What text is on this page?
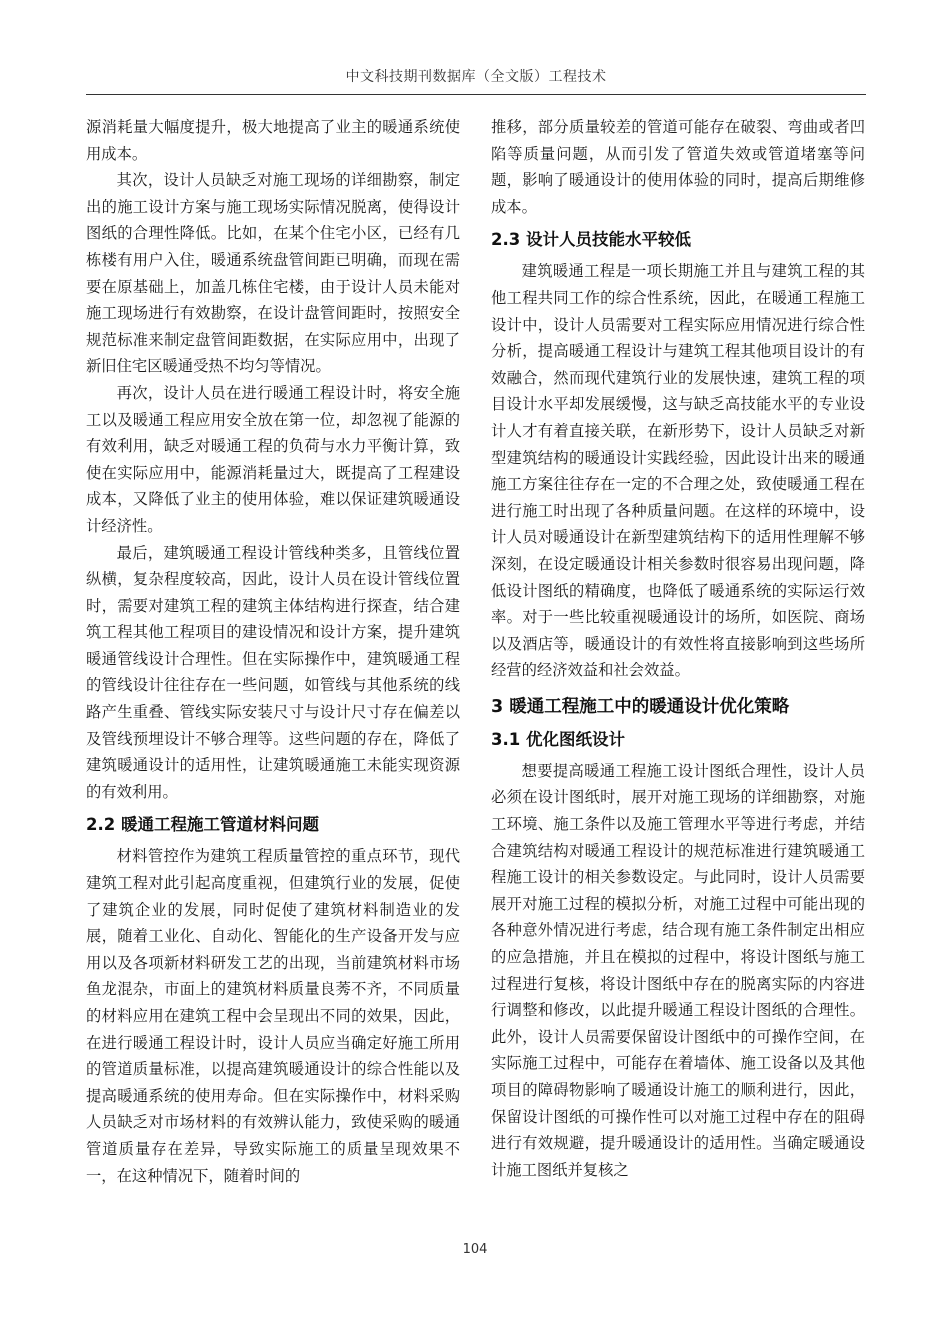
中文科技期刊数据库（全文版）工程技术

源消耗量大幅度提升，极大地提高了业主的暖通系统使用成本。

其次，设计人员缺乏对施工现场的详细勘察，制定出的施工设计方案与施工现场实际情况脱离，使得设计图纸的合理性降低。比如，在某个住宅小区，已经有几栋楼有用户入住，暖通系统盘管间距已明确，而现在需要在原基础上，加盖几栋住宅楼，由于设计人员未能对施工现场进行有效勘察，在设计盘管间距时，按照安全规范标准来制定盘管间距数据，在实际应用中，出现了新旧住宅区暖通受热不均匀等情况。

再次，设计人员在进行暖通工程设计时，将安全施工以及暖通工程应用安全放在第一位，却忽视了能源的有效利用，缺乏对暖通工程的负荷与水力平衡计算，致使在实际应用中，能源消耗量过大，既提高了工程建设成本，又降低了业主的使用体验，难以保证建筑暖通设计经济性。

最后，建筑暖通工程设计管线种类多，且管线位置纵横，复杂程度较高，因此，设计人员在设计管线位置时，需要对建筑工程的建筑主体结构进行探查，结合建筑工程其他工程项目的建设情况和设计方案，提升建筑暖通管线设计合理性。但在实际操作中，建筑暖通工程的管线设计往往存在一些问题，如管线与其他系统的线路产生重叠、管线实际安装尺寸与设计尺寸存在偏差以及管线预埋设计不够合理等。这些问题的存在，降低了建筑暖通设计的适用性，让建筑暖通施工未能实现资源的有效利用。

2.2 暖通工程施工管道材料问题

材料管控作为建筑工程质量管控的重点环节，现代建筑工程对此引起高度重视，但建筑行业的发展，促使了建筑企业的发展，同时促使了建筑材料制造业的发展，随着工业化、自动化、智能化的生产设备开发与应用以及各项新材料研发工艺的出现，当前建筑材料市场鱼龙混杂，市面上的建筑材料质量良莠不齐，不同质量的材料应用在建筑工程中会呈现出不同的效果，因此，在进行暖通工程设计时，设计人员应当确定好施工所用的管道质量标准，以提高建筑暖通设计的综合性能以及提高暖通系统的使用寿命。但在实际操作中，材料采购人员缺乏对市场材料的有效辨认能力，致使采购的暖通管道质量存在差异，导致实际施工的质量呈现效果不一，在这种情况下，随着时间的

推移，部分质量较差的管道可能存在破裂、弯曲或者凹陷等质量问题，从而引发了管道失效或管道堵塞等问题，影响了暖通设计的使用体验的同时，提高后期维修成本。

2.3 设计人员技能水平较低

建筑暖通工程是一项长期施工并且与建筑工程的其他工程共同工作的综合性系统，因此，在暖通工程施工设计中，设计人员需要对工程实际应用情况进行综合性分析，提高暖通工程设计与建筑工程其他项目设计的有效融合，然而现代建筑行业的发展快速，建筑工程的项目设计水平却发展缓慢，这与缺乏高技能水平的专业设计人才有着直接关联，在新形势下，设计人员缺乏对新型建筑结构的暖通设计实践经验，因此设计出来的暖通施工方案往往存在一定的不合理之处，致使暖通工程在进行施工时出现了各种质量问题。在这样的环境中，设计人员对暖通设计在新型建筑结构下的适用性理解不够深刻，在设定暖通设计相关参数时很容易出现问题，降低设计图纸的精确度，也降低了暖通系统的实际运行效率。对于一些比较重视暖通设计的场所，如医院、商场以及酒店等，暖通设计的有效性将直接影响到这些场所经营的经济效益和社会效益。

3 暖通工程施工中的暖通设计优化策略
3.1 优化图纸设计

想要提高暖通工程施工设计图纸合理性，设计人员必须在设计图纸时，展开对施工现场的详细勘察，对施工环境、施工条件以及施工管理水平等进行考虑，并结合建筑结构对暖通工程设计的规范标准进行建筑暖通工程施工设计的相关参数设定。与此同时，设计人员需要展开对施工过程的模拟分析，对施工过程中可能出现的各种意外情况进行考虑，结合现有施工条件制定出相应的应急措施，并且在模拟的过程中，将设计图纸与施工过程进行复核，将设计图纸中存在的脱离实际的内容进行调整和修改，以此提升暖通工程设计图纸的合理性。此外，设计人员需要保留设计图纸中的可操作空间，在实际施工过程中，可能存在着墙体、施工设备以及其他项目的障碍物影响了暖通设计施工的顺利进行，因此，保留设计图纸的可操作性可以对施工过程中存在的阻碍进行有效规避，提升暖通设计的适用性。当确定暖通设计施工图纸并复核之

104
